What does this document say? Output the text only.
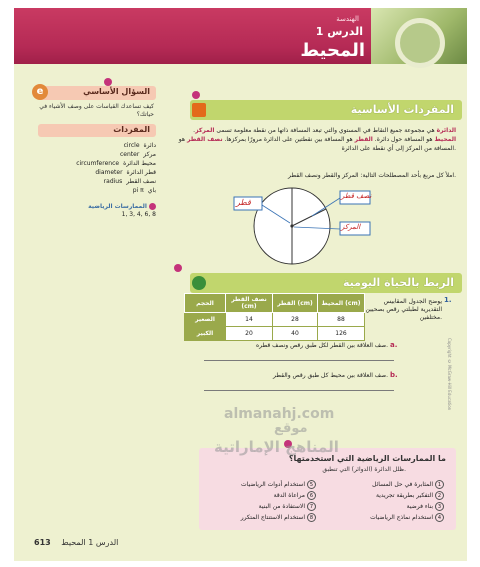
الهندسة
الدرس 1
المحيط
السؤال الأساسي
e
كيف تساعدك القياسات على وصف الأشياء في حياتك؟
المفردات
circle دائرة
center مركز
circumference محيط الدائرة
diameter قطر الدائرة
radius نصف القطر
pi π باي
الممارسات الرياضية
1, 3, 4, 6, 8
المفردات الأساسية
الدائرة هي مجموعة جميع النقاط في المستوي والتي تبعد المسافة ذاتها من نقطة معلومة تسمى المركز. المحيط هو المسافة حول دائرة. القطر هو المسافة بين نقطتين على الدائرة مرورًا بمركزها. نصف القطر هو المسافة من المركز إلى أي نقطة على الدائرة.
املأ كل مربع بأحد المصطلحات التالية: المركز والقطر ونصف القطر.
قطر
نصف قطر
المركز
الربط بالحياة اليومية
1.
يوضح الجدول المقابيس التقديرية لطبلتي رقص بصحيين مختلفين.
الحجم	نصف القطر (cm)	القطر (cm)	المحيط (cm)
الصغير	14	28	88
الكبير	20	40	126
a.
صف العلاقة بين القطر لكل طبق رقص ونصف قطره.
b.
صف العلاقة بين محيط كل طبق رقص والقطر.
ما الممارسات الرياضية التي استخدمتها؟
ظلل الدائرة (الدوائر) التي تنطبق.
المثابرة في حل المسائل 1
التفكير بطريقة تجريدية 2
بناء فرضية 3
استخدام نماذج الرياضيات 4
استخدام أدوات الرياضيات 5
مراعاة الدقة 6
الاستفادة من البنية 7
استخدام الاستنتاج المتكرر 8
613 الدرس 1 المحيط
Copyright © McGraw-Hill Education
almanahj.com
موقع
المناهج الإماراتية
